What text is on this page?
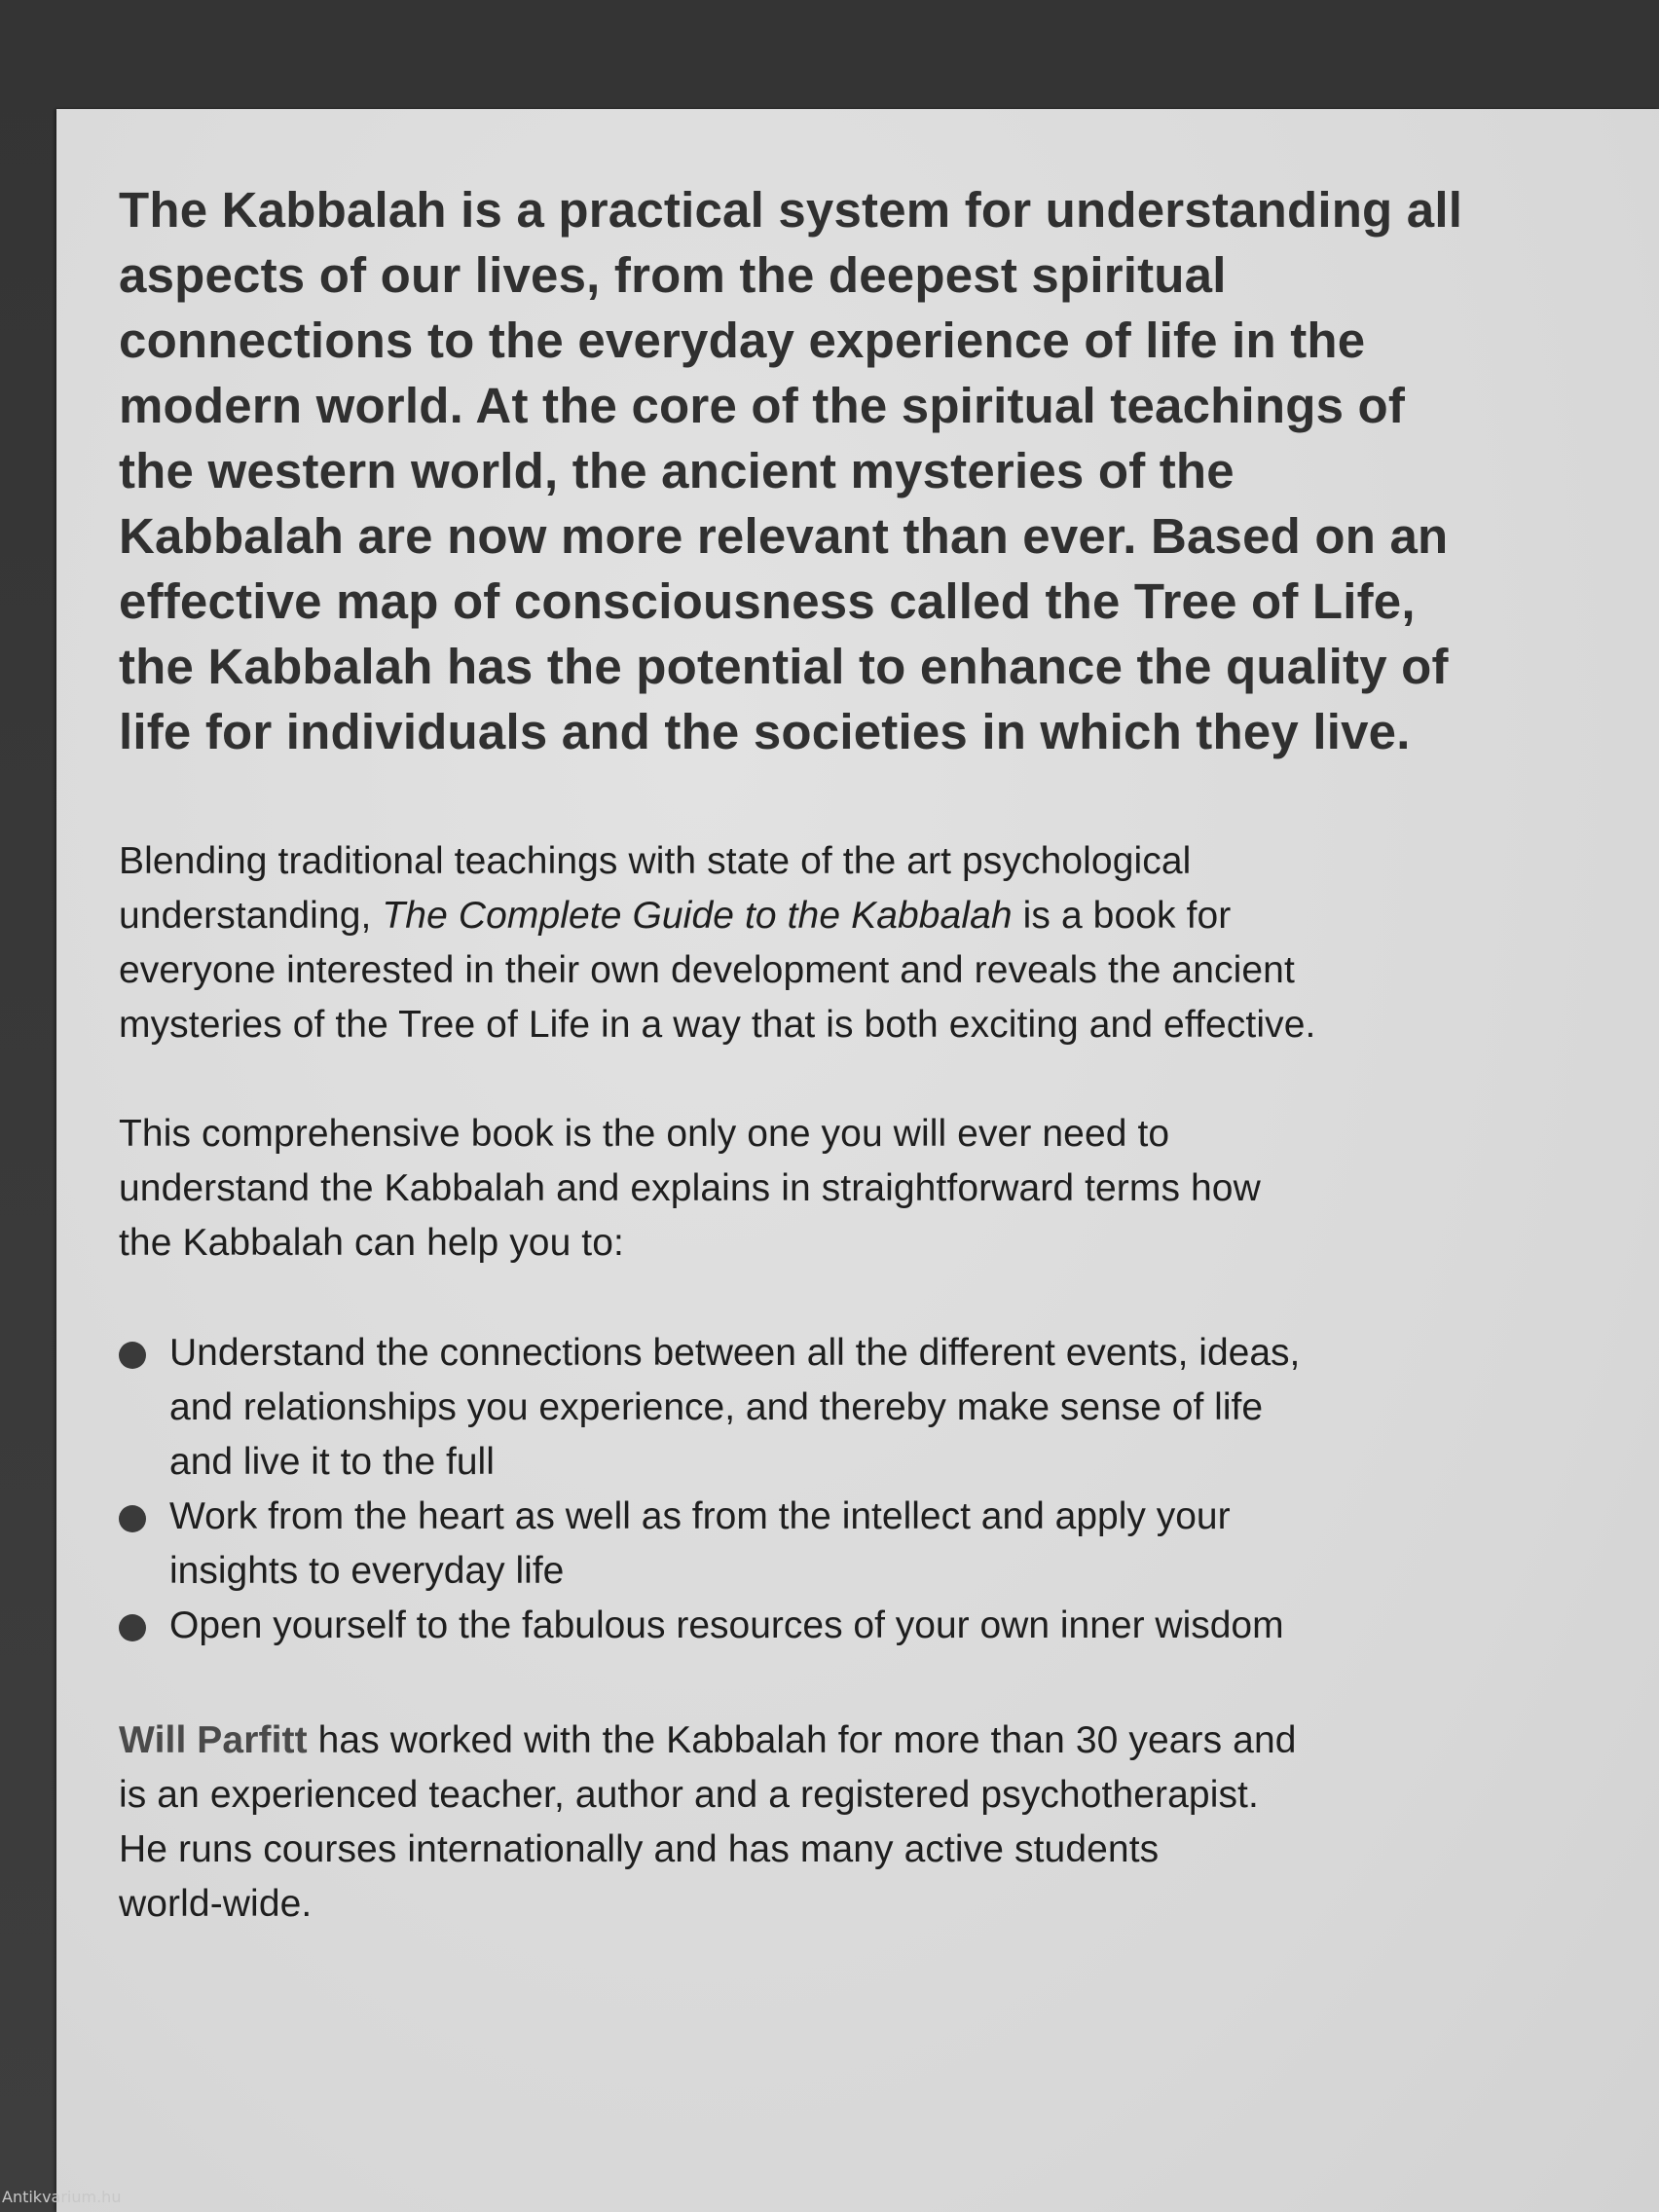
The Kabbalah is a practical system for understanding all
aspects of our lives, from the deepest spiritual
connections to the everyday experience of life in the
modern world. At the core of the spiritual teachings of
the western world, the ancient mysteries of the
Kabbalah are now more relevant than ever. Based on an
effective map of consciousness called the Tree of Life,
the Kabbalah has the potential to enhance the quality of
life for individuals and the societies in which they live.

Blending traditional teachings with state of the art psychological
understanding, The Complete Guide to the Kabbalah is a book for
everyone interested in their own development and reveals the ancient
mysteries of the Tree of Life in a way that is both exciting and effective.

This comprehensive book is the only one you will ever need to
understand the Kabbalah and explains in straightforward terms how
the Kabbalah can help you to:

Understand the connections between all the different events, ideas,
and relationships you experience, and thereby make sense of life
and live it to the full
Work from the heart as well as from the intellect and apply your
insights to everyday life
Open yourself to the fabulous resources of your own inner wisdom

Will Parfitt has worked with the Kabbalah for more than 30 years and
is an experienced teacher, author and a registered psychotherapist.
He runs courses internationally and has many active students
world-wide.

Antikvarium.hu
